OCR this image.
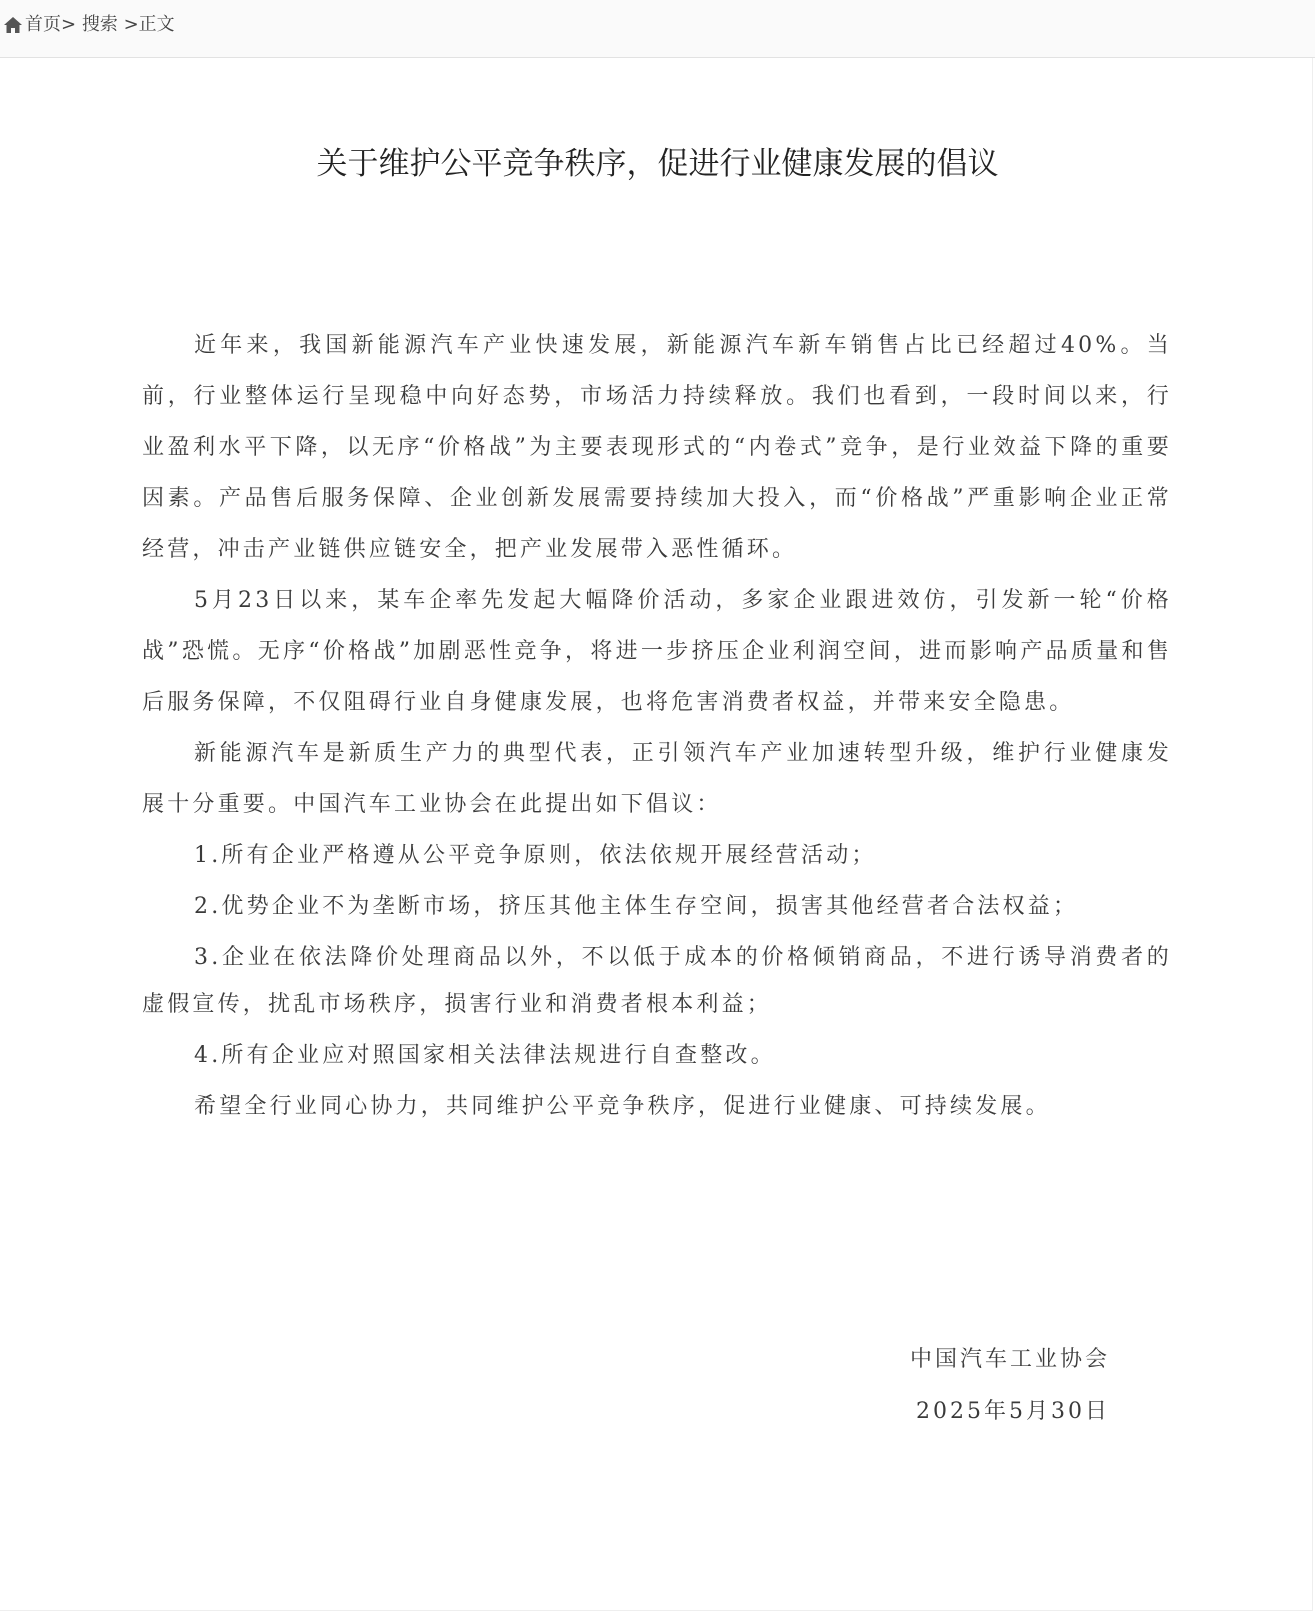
首页 >
搜索
> 正文
关于维护公平竞争秩序，促进行业健康发展的倡议

近年来，我国新能源汽车产业快速发展，新能源汽车新车销售占比已经超过40%。当前，行业整体运行呈现稳中向好态势，市场活力持续释放。我们也看到，一段时间以来，行业盈利水平下降，以无序“价格战”为主要表现形式的“内卷式”竞争，是行业效益下降的重要因素。产品售后服务保障、企业创新发展需要持续加大投入，而“价格战”严重影响企业正常经营，冲击产业链供应链安全，把产业发展带入恶性循环。

5月23日以来，某车企率先发起大幅降价活动，多家企业跟进效仿，引发新一轮“价格战”恐慌。无序“价格战”加剧恶性竞争，将进一步挤压企业利润空间，进而影响产品质量和售后服务保障，不仅阻碍行业自身健康发展，也将危害消费者权益，并带来安全隐患。

新能源汽车是新质生产力的典型代表，正引领汽车产业加速转型升级，维护行业健康发展十分重要。中国汽车工业协会在此提出如下倡议：

1.所有企业严格遵从公平竞争原则，依法依规开展经营活动；

2.优势企业不为垄断市场，挤压其他主体生存空间，损害其他经营者合法权益；

3.企业在依法降价处理商品以外，不以低于成本的价格倾销商品，不进行诱导消费者的虚假宣传，扰乱市场秩序，损害行业和消费者根本利益；

4.所有企业应对照国家相关法律法规进行自查整改。

希望全行业同心协力，共同维护公平竞争秩序，促进行业健康、可持续发展。

中国汽车工业协会
2025年5月30日
